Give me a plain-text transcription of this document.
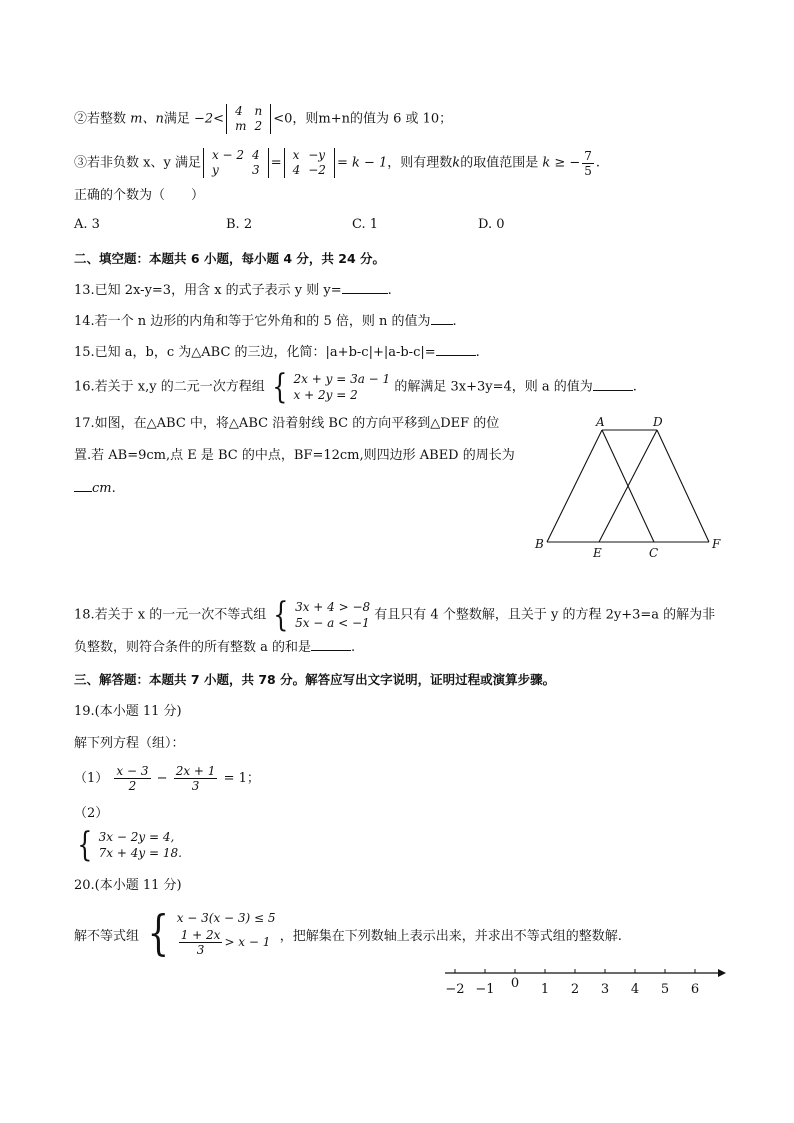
②若整数 m、n满足 −2<
4	n
m	2 <0，则m+n的值为 6 或 10；
③若非负数 x、y 满足
x − 2	4
y	3 =
x	−y
4	−2 = k − 1，则有理数k的取值范围是 k ≥ − $\frac{7}{5}$ .
正确的个数为（　　）
A. 3	B. 2	C. 1	D. 0
二、填空题：本题共 6 小题，每小题 4 分，共 24 分。
13.已知 2x-y=3，用含 x 的式子表示 y 则 y=	.
14.若一个 n 边形的内角和等于它外角和的 5 倍，则 n 的值为 .
15.已知 a，b，c 为△ABC 的三边，化简：|a+b-c|+|a-b-c|=	.
16.若关于 x,y 的二元一次方程组 { 2x + y = 3a − 1
x + 2y = 2
的解满足 3x+3y=4，则 a 的值为	.
17.如图，在△ABC 中，将△ABC 沿着射线 BC 的方向平移到△DEF 的位
置.若 AB=9cm,点 E 是 BC 的中点，BF=12cm,则四边形 ABED 的周长为
cm.
A	D
B
E	C
F
18.若关于 x 的一元一次不等式组 { 3x + 4 > −8
5x − a < −1
有且只有 4 个整数解，且关于 y 的方程 2y+3=a 的解为非
负整数，则符合条件的所有整数 a 的和是	.
三、解答题：本题共 7 小题，共 78 分。解答应写出文字说明，证明过程或演算步骤。
19.(本小题 11 分)
解下列方程（组）：
$(1) \frac{x - 3}{2} - \frac{2x + 1}{3} = 1$；
（2）
{ 3x − 2y = 4,
7x + 4y = 18.
20.(本小题 11 分)
解不等式组 { x − 3(x − 3) ≤ 5
$\frac{1 + 2x}{3} > x - 1$ ，把解集在下列数轴上表示出来，并求出不等式组的整数解.
−2 −1 0 1 2 3 4 5 6
